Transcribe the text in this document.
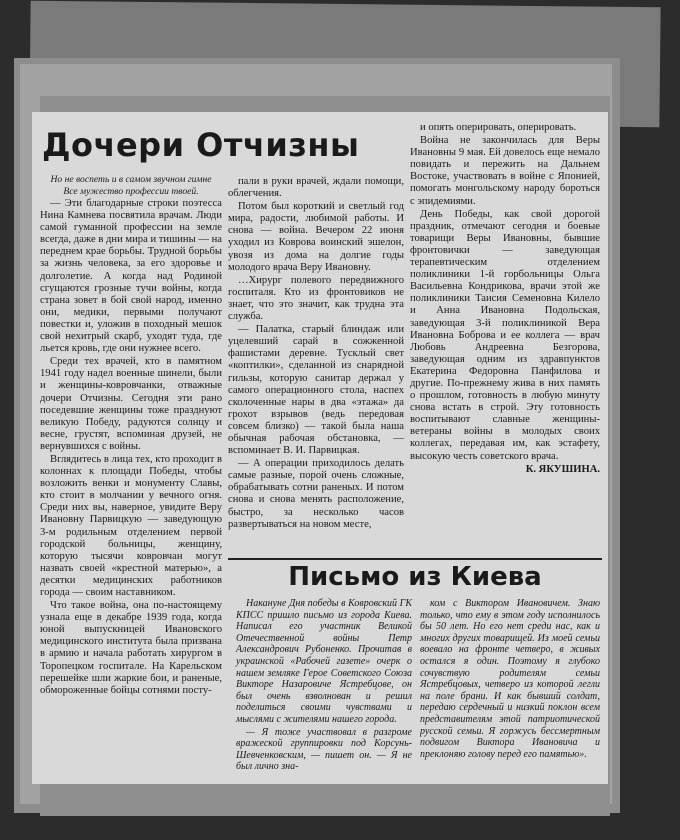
Дочери Отчизны
Но не воспеть и в самом звучном гимне
Все мужество профессии твоей.

— Эти благодарные строки поэтесса Нина Камнева посвятила врачам. Люди самой гуманной профессии на земле всегда, даже в дни мира и тишины — на переднем крае борьбы. Трудной борьбы за жизнь человека, за его здоровье и долголетие. А когда над Родиной сгущаются грозные тучи войны, когда страна зовет в бой свой народ, именно они, медики, первыми получают повестки и, уложив в походный мешок свой нехитрый скарб, уходят туда, где льется кровь, где они нужнее всего.

Среди тех врачей, кто в памятном 1941 году надел военные шинели, были и женщины-ковровчанки, отважные дочери Отчизны. Сегодня эти рано поседевшие женщины тоже празднуют великую Победу, радуются солнцу и весне, грустят, вспоминая друзей, не вернувшихся с войны.

Вглядитесь в лица тех, кто проходит в колоннах к площади Победы, чтобы возложить венки и монументу Славы, кто стоит в молчании у вечного огня. Среди них вы, наверное, увидите Веру Ивановну Парвицкую — заведующую 3-м родильным отделением первой городской больницы, женщину, которую тысячи ковровчан могут назвать своей «крестной матерью», а десятки медицинских работников города — своим наставником.

Что такое война, она по-настоящему узнала еще в декабре 1939 года, когда юной выпускницей Ивановского медицинского института была призвана в армию и начала работать хирургом в Торопецком госпитале. На Карельском перешейке шли жаркие бои, и раненые, обмороженные бойцы сотнями посту-

пали в руки врачей, ждали помощи, облегчения.

Потом был короткий и светлый год мира, радости, любимой работы. И снова — война. Вечером 22 июня уходил из Коврова воинский эшелон, увозя из дома на долгие годы молодого врача Веру Ивановну.

…Хирург полевого передвижного госпиталя. Кто из фронтовиков не знает, что это значит, как трудна эта служба.

— Палатка, старый блиндаж или уцелевший сарай в сожженной фашистами деревне. Тусклый свет «коптилки», сделанной из снарядной гильзы, которую санитар держал у самого операционного стола, наспех сколоченные нары в два «этажа» да грохот взрывов (ведь передовая совсем близко) — такой была наша обычная рабочая обстановка, — вспоминает В. И. Парвицкая.

— А операции приходилось делать самые разные, порой очень сложные, обрабатывать сотни раненых. И потом снова и снова менять расположение, быстро, за несколько часов развертываться на новом месте,

и опять оперировать, оперировать.

Война не закончилась для Веры Ивановны 9 мая. Ей довелось еще немало повидать и пережить на Дальнем Востоке, участвовать в войне с Японией, помогать монгольскому народу бороться с эпидемиями.

День Победы, как свой дорогой праздник, отмечают сегодня и боевые товарищи Веры Ивановны, бывшие фронтовички — заведующая терапевтическим отделением поликлиники 1-й горбольницы Ольга Васильевна Кондрикова, врачи этой же поликлиники Таисия Семеновна Килело и Анна Ивановна Подольская, заведующая 3-й поликлиникой Вера Ивановна Боброва и ее коллега — врач Любовь Андреевна Безгорова, заведующая одним из здравпунктов Екатерина Федоровна Панфилова и другие. По-прежнему жива в них память о прошлом, готовность в любую минуту снова встать в строй. Эту готовность воспитывают славные женщины-ветераны войны в молодых своих коллегах, передавая им, как эстафету, высокую честь советского врача.

К. ЯКУШИНА.

Письмо из Киева

Накануне Дня победы в Ковровский ГК КПСС пришло письмо из города Киева. Написал его участник Великой Отечественной войны Петр Александрович Рубоненко. Прочитав в украинской «Рабочей газете» очерк о нашем земляке Герое Советского Союза Викторе Назаровиче Ястребцове, он был очень взволнован и решил поделиться своими чувствами и мыслями с жителями нашего города.

— Я тоже участвовал в разгроме вражеской группировки под Корсунь-Шевченковским, — пишет он. — Я не был лично зна-

ком с Виктором Ивановичем. Знаю только, что ему в этом году исполнилось бы 50 лет. Но его нет среди нас, как и многих других товарищей. Из моей семьи воевало на фронте четверо, в живых остался я один. Поэтому я глубоко сочувствую родителям семьи Ястребцовых, четверо из которой легли на поле брани. И как бывший солдат, передаю сердечный и низкий поклон всем представителям этой патриотической русской семьи. Я горжусь бессмертным подвигом Виктора Ивановича и преклоняю голову перед его памятью».
